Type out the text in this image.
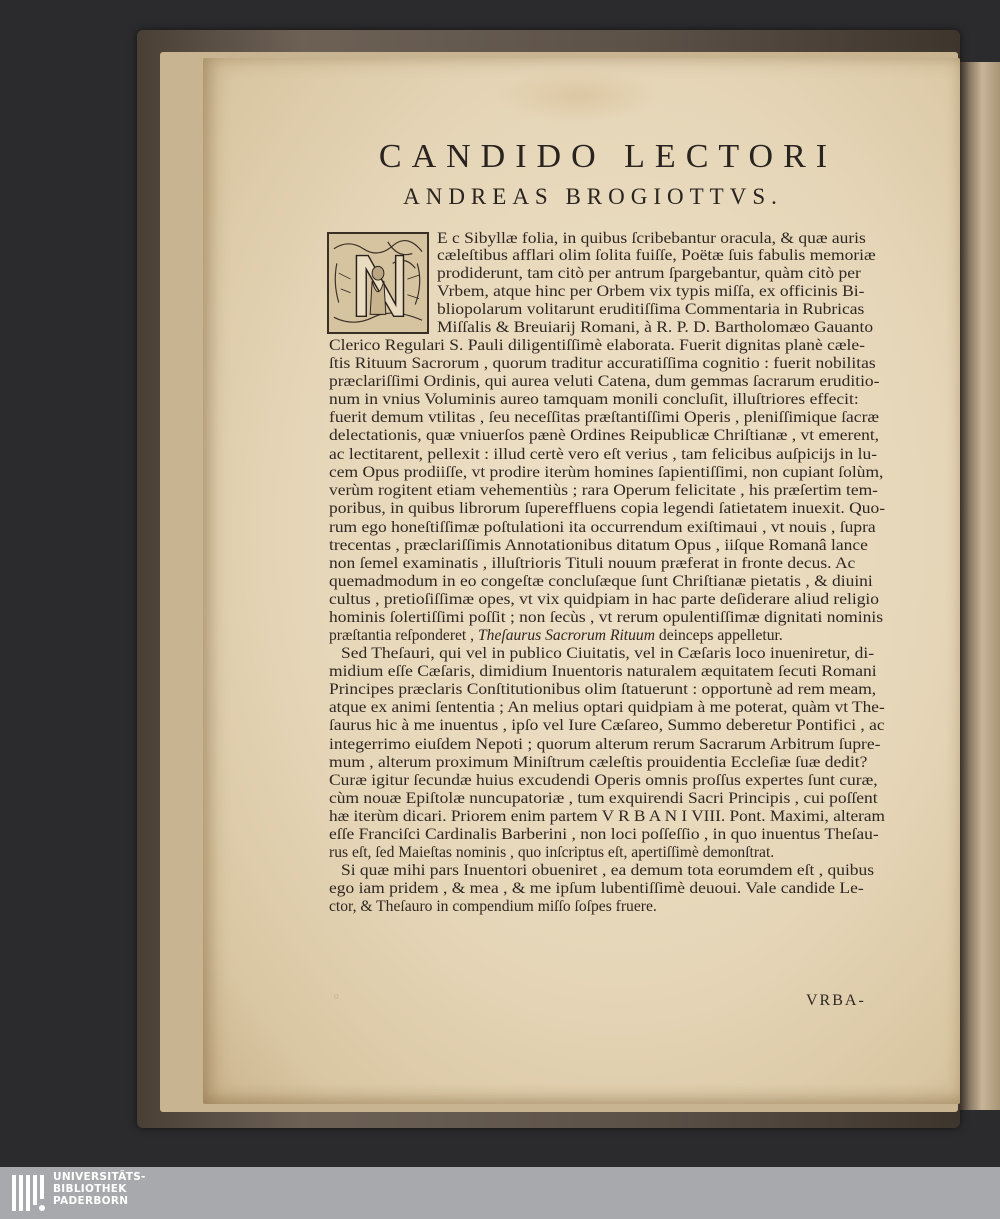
CANDIDO LECTORI
ANDREAS BROGIOTTVS.
E c Sibyllæ folia, in quibus ſcribebantur oracula, & quæ auris
cæleſtibus afflari olim ſolita fuiſſe, Poëtæ ſuis fabulis memoriæ
prodiderunt, tam citò per antrum ſpargebantur, quàm citò per
Vrbem, atque hinc per Orbem vix typis miſſa, ex officinis Bi-
bliopolarum volitarunt eruditiſſima Commentaria in Rubricas
Miſſalis & Breuiarij Romani, à R. P. D. Bartholomæo Gauanto
Clerico Regulari S. Pauli diligentiſſimè elaborata. Fuerit dignitas planè cæle-
ſtis Rituum Sacrorum , quorum traditur accuratiſſima cognitio : fuerit nobilitas
præclariſſimi Ordinis, qui aurea veluti Catena, dum gemmas ſacrarum eruditio-
num in vnius Voluminis aureo tamquam monili concluſit, illuſtriores effecit:
fuerit demum vtilitas , ſeu neceſſitas præſtantiſſimi Operis , pleniſſimique ſacræ
delectationis, quæ vniuerſos pænè Ordines Reipublicæ Chriſtianæ , vt emerent,
ac lectitarent, pellexit : illud certè vero eſt verius , tam felicibus auſpicijs in lu-
cem Opus prodiiſſe, vt prodire iterùm homines ſapientiſſimi, non cupiant ſolùm,
verùm rogitent etiam vehementiùs ; rara Operum felicitate , his præſertim tem-
poribus, in quibus librorum ſupereffluens copia legendi ſatietatem inuexit. Quo-
rum ego honeſtiſſimæ poſtulationi ita occurrendum exiſtimaui , vt nouis , ſupra
trecentas , præclariſſimis Annotationibus ditatum Opus , iiſque Romanâ lance
non ſemel examinatis , illuſtrioris Tituli nouum præferat in fronte decus. Ac
quemadmodum in eo congeſtæ concluſæque ſunt Chriſtianæ pietatis , & diuini
cultus , pretioſiſſimæ opes, vt vix quidpiam in hac parte deſiderare aliud religio
hominis ſolertiſſimi poſſit ; non ſecùs , vt rerum opulentiſſimæ dignitati nominis
præſtantia reſponderet , Theſaurus Sacrorum Rituum deinceps appelletur.
Sed Theſauri, qui vel in publico Ciuitatis, vel in Cæſaris loco inueniretur, di-
midium eſſe Cæſaris, dimidium Inuentoris naturalem æquitatem ſecuti Romani
Principes præclaris Conſtitutionibus olim ſtatuerunt : opportunè ad rem meam,
atque ex animi ſententia ; An melius optari quidpiam à me poterat, quàm vt The-
ſaurus hic à me inuentus , ipſo vel Iure Cæſareo, Summo deberetur Pontifici , ac
integerrimo eiuſdem Nepoti ; quorum alterum rerum Sacrarum Arbitrum ſupre-
mum , alterum proximum Miniſtrum cæleſtis prouidentia Eccleſiæ ſuæ dedit?
Curæ igitur ſecundæ huius excudendi Operis omnis proſſus expertes ſunt curæ,
cùm nouæ Epiſtolæ nuncupatoriæ , tum exquirendi Sacri Principis , cui poſſent
hæ iterùm dicari. Priorem enim partem V R B A N I VIII. Pont. Maximi, alteram
eſſe Franciſci Cardinalis Barberini , non loci poſſeſſio , in quo inuentus Theſau-
rus eſt, ſed Maieſtas nominis , quo inſcriptus eſt, apertiſſimè demonſtrat.
Si quæ mihi pars Inuentori obueniret , ea demum tota eorumdem eſt , quibus
ego iam pridem , & mea , & me ipſum lubentiſſimè deuoui. Vale candide Le-
ctor, & Theſauro in compendium miſſo ſoſpes fruere.
◦	VRBA-
UNIVERSITÄTS-
BIBLIOTHEK
PADERBORN
